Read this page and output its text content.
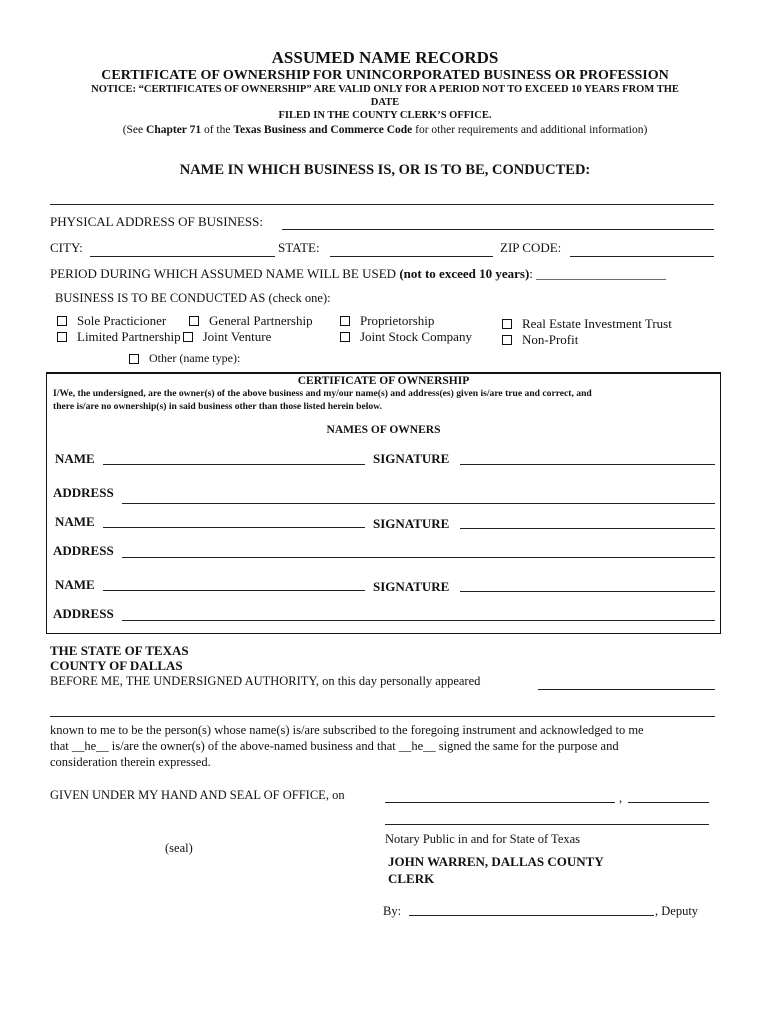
ASSUMED NAME RECORDS
CERTIFICATE OF OWNERSHIP FOR UNINCORPORATED BUSINESS OR PROFESSION
NOTICE: “CERTIFICATES OF OWNERSHIP” ARE VALID ONLY FOR A PERIOD NOT TO EXCEED 10 YEARS FROM THE
DATE
FILED IN THE COUNTY CLERK’S OFFICE.
(See Chapter 71 of the Texas Business and Commerce Code for other requirements and additional information)
NAME IN WHICH BUSINESS IS, OR IS TO BE, CONDUCTED:
PHYSICAL ADDRESS OF BUSINESS:
CITY:	STATE:	ZIP CODE:
PERIOD DURING WHICH ASSUMED NAME WILL BE USED (not to exceed 10 years): ____________________
BUSINESS IS TO BE CONDUCTED AS (check one):
Sole Practicioner	General Partnership	Proprietorship	Real Estate Investment Trust
Limited Partnership Joint Venture	Joint Stock Company	Non-Profit
Other (name type):
CERTIFICATE OF OWNERSHIP
I/We, the undersigned, are the owner(s) of the above business and my/our name(s) and address(es) given is/are true and correct, and
there is/are no ownership(s) in said business other than those listed herein below.
NAMES OF OWNERS
NAME	SIGNATURE
ADDRESS
NAME	SIGNATURE
ADDRESS
NAME	SIGNATURE
ADDRESS
THE STATE OF TEXAS
COUNTY OF DALLAS
BEFORE ME, THE UNDERSIGNED AUTHORITY, on this day personally appeared
known to me to be the person(s) whose name(s) is/are subscribed to the foregoing instrument and acknowledged to me
that __he__ is/are the owner(s) of the above-named business and that __he__ signed the same for the purpose and
consideration therein expressed.
GIVEN UNDER MY HAND AND SEAL OF OFFICE, on	,
Notary Public in and for State of Texas
(seal)
JOHN WARREN, DALLAS COUNTY
CLERK
By:	, Deputy
